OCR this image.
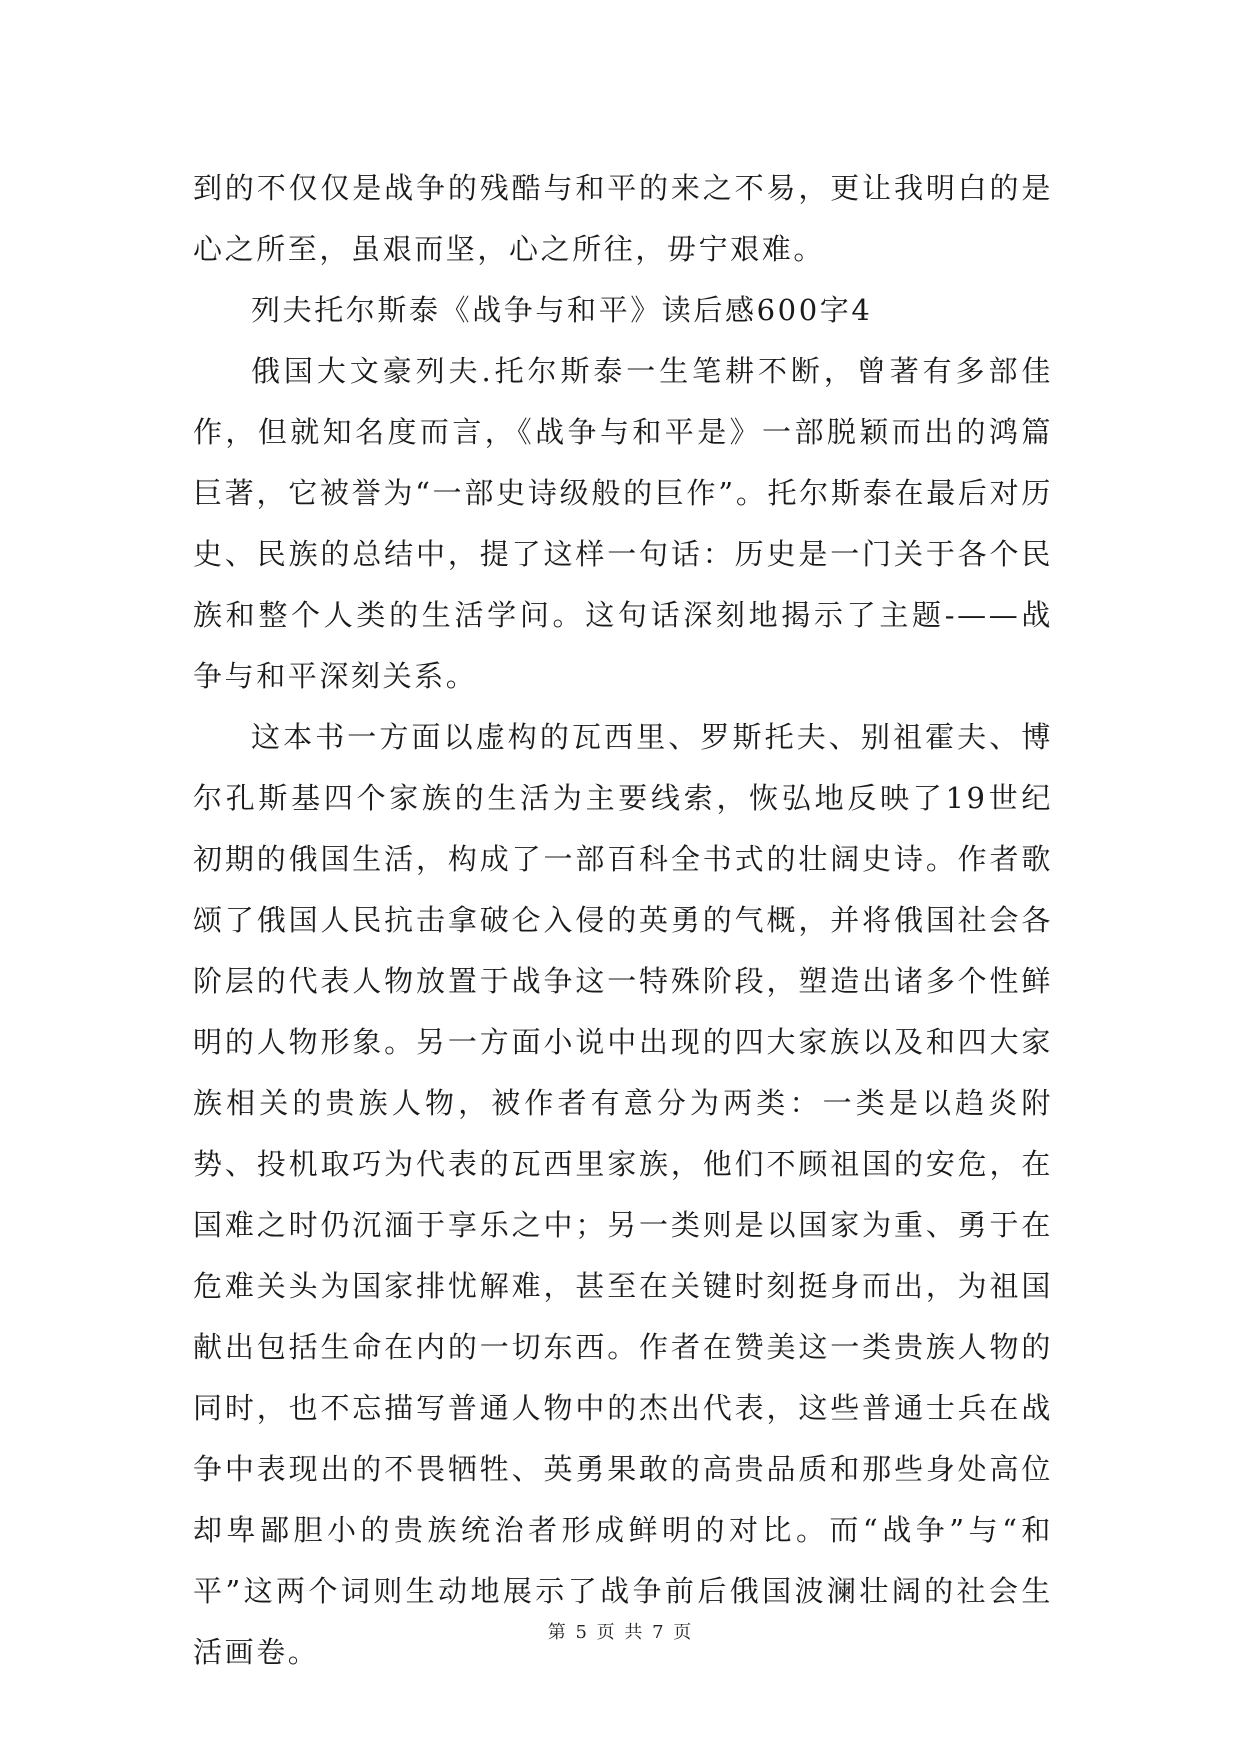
到的不仅仅是战争的残酷与和平的来之不易，更让我明白的是心之所至，虽艰而坚，心之所往，毋宁艰难。

列夫托尔斯泰《战争与和平》读后感600字4

俄国大文豪列夫.托尔斯泰一生笔耕不断，曾著有多部佳作，但就知名度而言，《战争与和平是》一部脱颖而出的鸿篇巨著，它被誉为“一部史诗级般的巨作”。托尔斯泰在最后对历史、民族的总结中，提了这样一句话：历史是一门关于各个民族和整个人类的生活学问。这句话深刻地揭示了主题-——战争与和平深刻关系。

这本书一方面以虚构的瓦西里、罗斯托夫、别祖霍夫、博尔孔斯基四个家族的生活为主要线索，恢弘地反映了19世纪初期的俄国生活，构成了一部百科全书式的壮阔史诗。作者歌颂了俄国人民抗击拿破仑入侵的英勇的气概，并将俄国社会各阶层的代表人物放置于战争这一特殊阶段，塑造出诸多个性鲜明的人物形象。另一方面小说中出现的四大家族以及和四大家族相关的贵族人物，被作者有意分为两类：一类是以趋炎附势、投机取巧为代表的瓦西里家族，他们不顾祖国的安危，在国难之时仍沉湎于享乐之中；另一类则是以国家为重、勇于在危难关头为国家排忧解难，甚至在关键时刻挺身而出，为祖国献出包括生命在内的一切东西。作者在赞美这一类贵族人物的同时，也不忘描写普通人物中的杰出代表，这些普通士兵在战争中表现出的不畏牺牲、英勇果敢的高贵品质和那些身处高位却卑鄙胆小的贵族统治者形成鲜明的对比。而“战争”与“和平”这两个词则生动地展示了战争前后俄国波澜壮阔的社会生活画卷。

第 5 页 共 7 页
